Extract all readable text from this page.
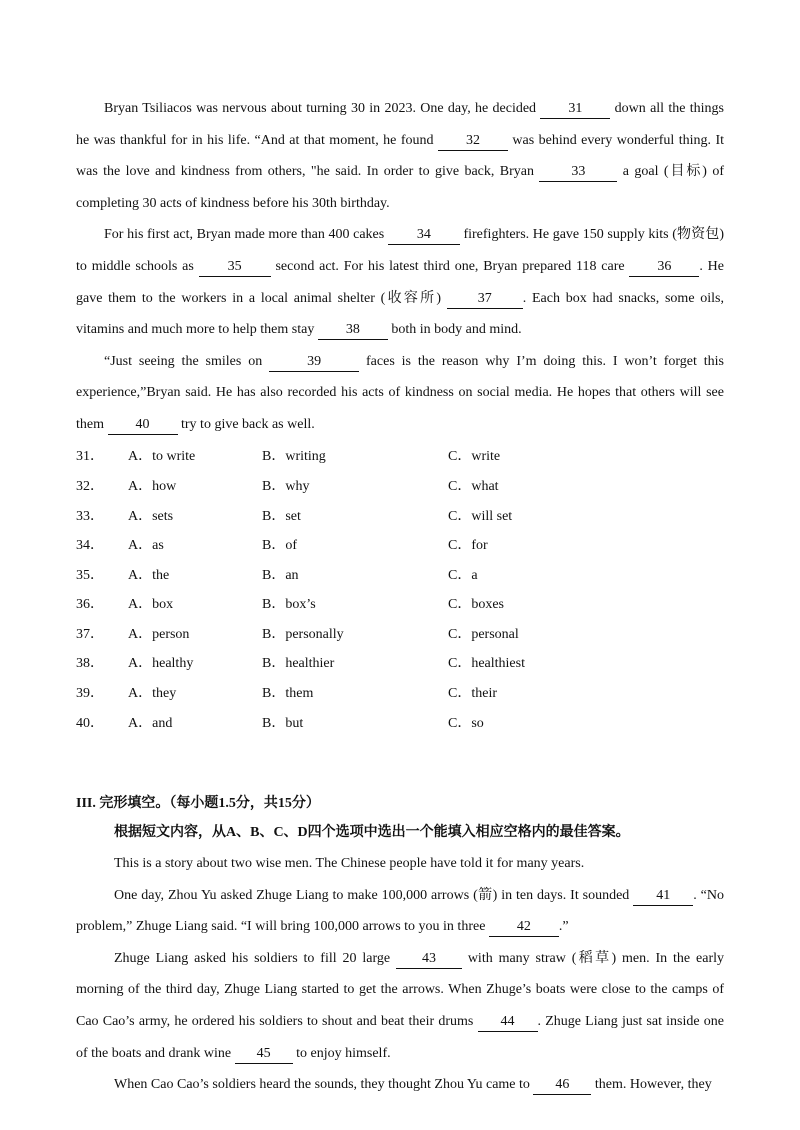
Bryan Tsiliacos was nervous about turning 30 in 2023. One day, he decided 31 down all the things he was thankful for in his life. “And at that moment, he found 32 was behind every wonderful thing. It was the love and kindness from others, "he said. In order to give back, Bryan 33 a goal (目标) of completing 30 acts of kindness before his 30th birthday.

For his first act, Bryan made more than 400 cakes 34 firefighters. He gave 150 supply kits (物资包) to middle schools as 35 second act. For his latest third one, Bryan prepared 118 care 36 . He gave them to the workers in a local animal shelter (收容所) 37 . Each box had snacks, some oils, vitamins and much more to help them stay 38 both in body and mind.

“Just seeing the smiles on	39	faces is the reason why I’m doing this. I won’t forget this experience,”Bryan said. He has also recorded his acts of kindness on social media. He hopes that others will see them 40 try to give back as well.

31．	A．to write	B．writing	C．write
32．	A．how	B．why	C．what
33．	A．sets	B．set	C．will set
34．	A．as	B．of	C．for
35．	A．the	B．an	C．a
36．	A．box	B．box’s	C．boxes
37．	A．person	B．personally	C．personal
38．	A．healthy	B．healthier	C．healthiest
39．	A．they	B．them	C．their
40．	A．and	B．but	C．so
III. 完形填空。（每小题1.5分，共15分）
根据短文内容，从A、B、C、D四个选项中选出一个能填入相应空格内的最佳答案。

This is a story about two wise men. The Chinese people have told it for many years.

One day, Zhou Yu asked Zhuge Liang to make 100,000 arrows (箭) in ten days. It sounded 41 . “No problem,” Zhuge Liang said. “I will bring 100,000 arrows to you in three 42 .”

Zhuge Liang asked his soldiers to fill 20 large 43 with many straw (稻草) men. In the early morning of the third day, Zhuge Liang started to get the arrows. When Zhuge’s boats were close to the camps of Cao Cao’s army, he ordered his soldiers to shout and beat their drums 44 . Zhuge Liang just sat inside one of the boats and drank wine 45 to enjoy himself.

When Cao Cao’s soldiers heard the sounds, they thought Zhou Yu came to 46 them. However, they
